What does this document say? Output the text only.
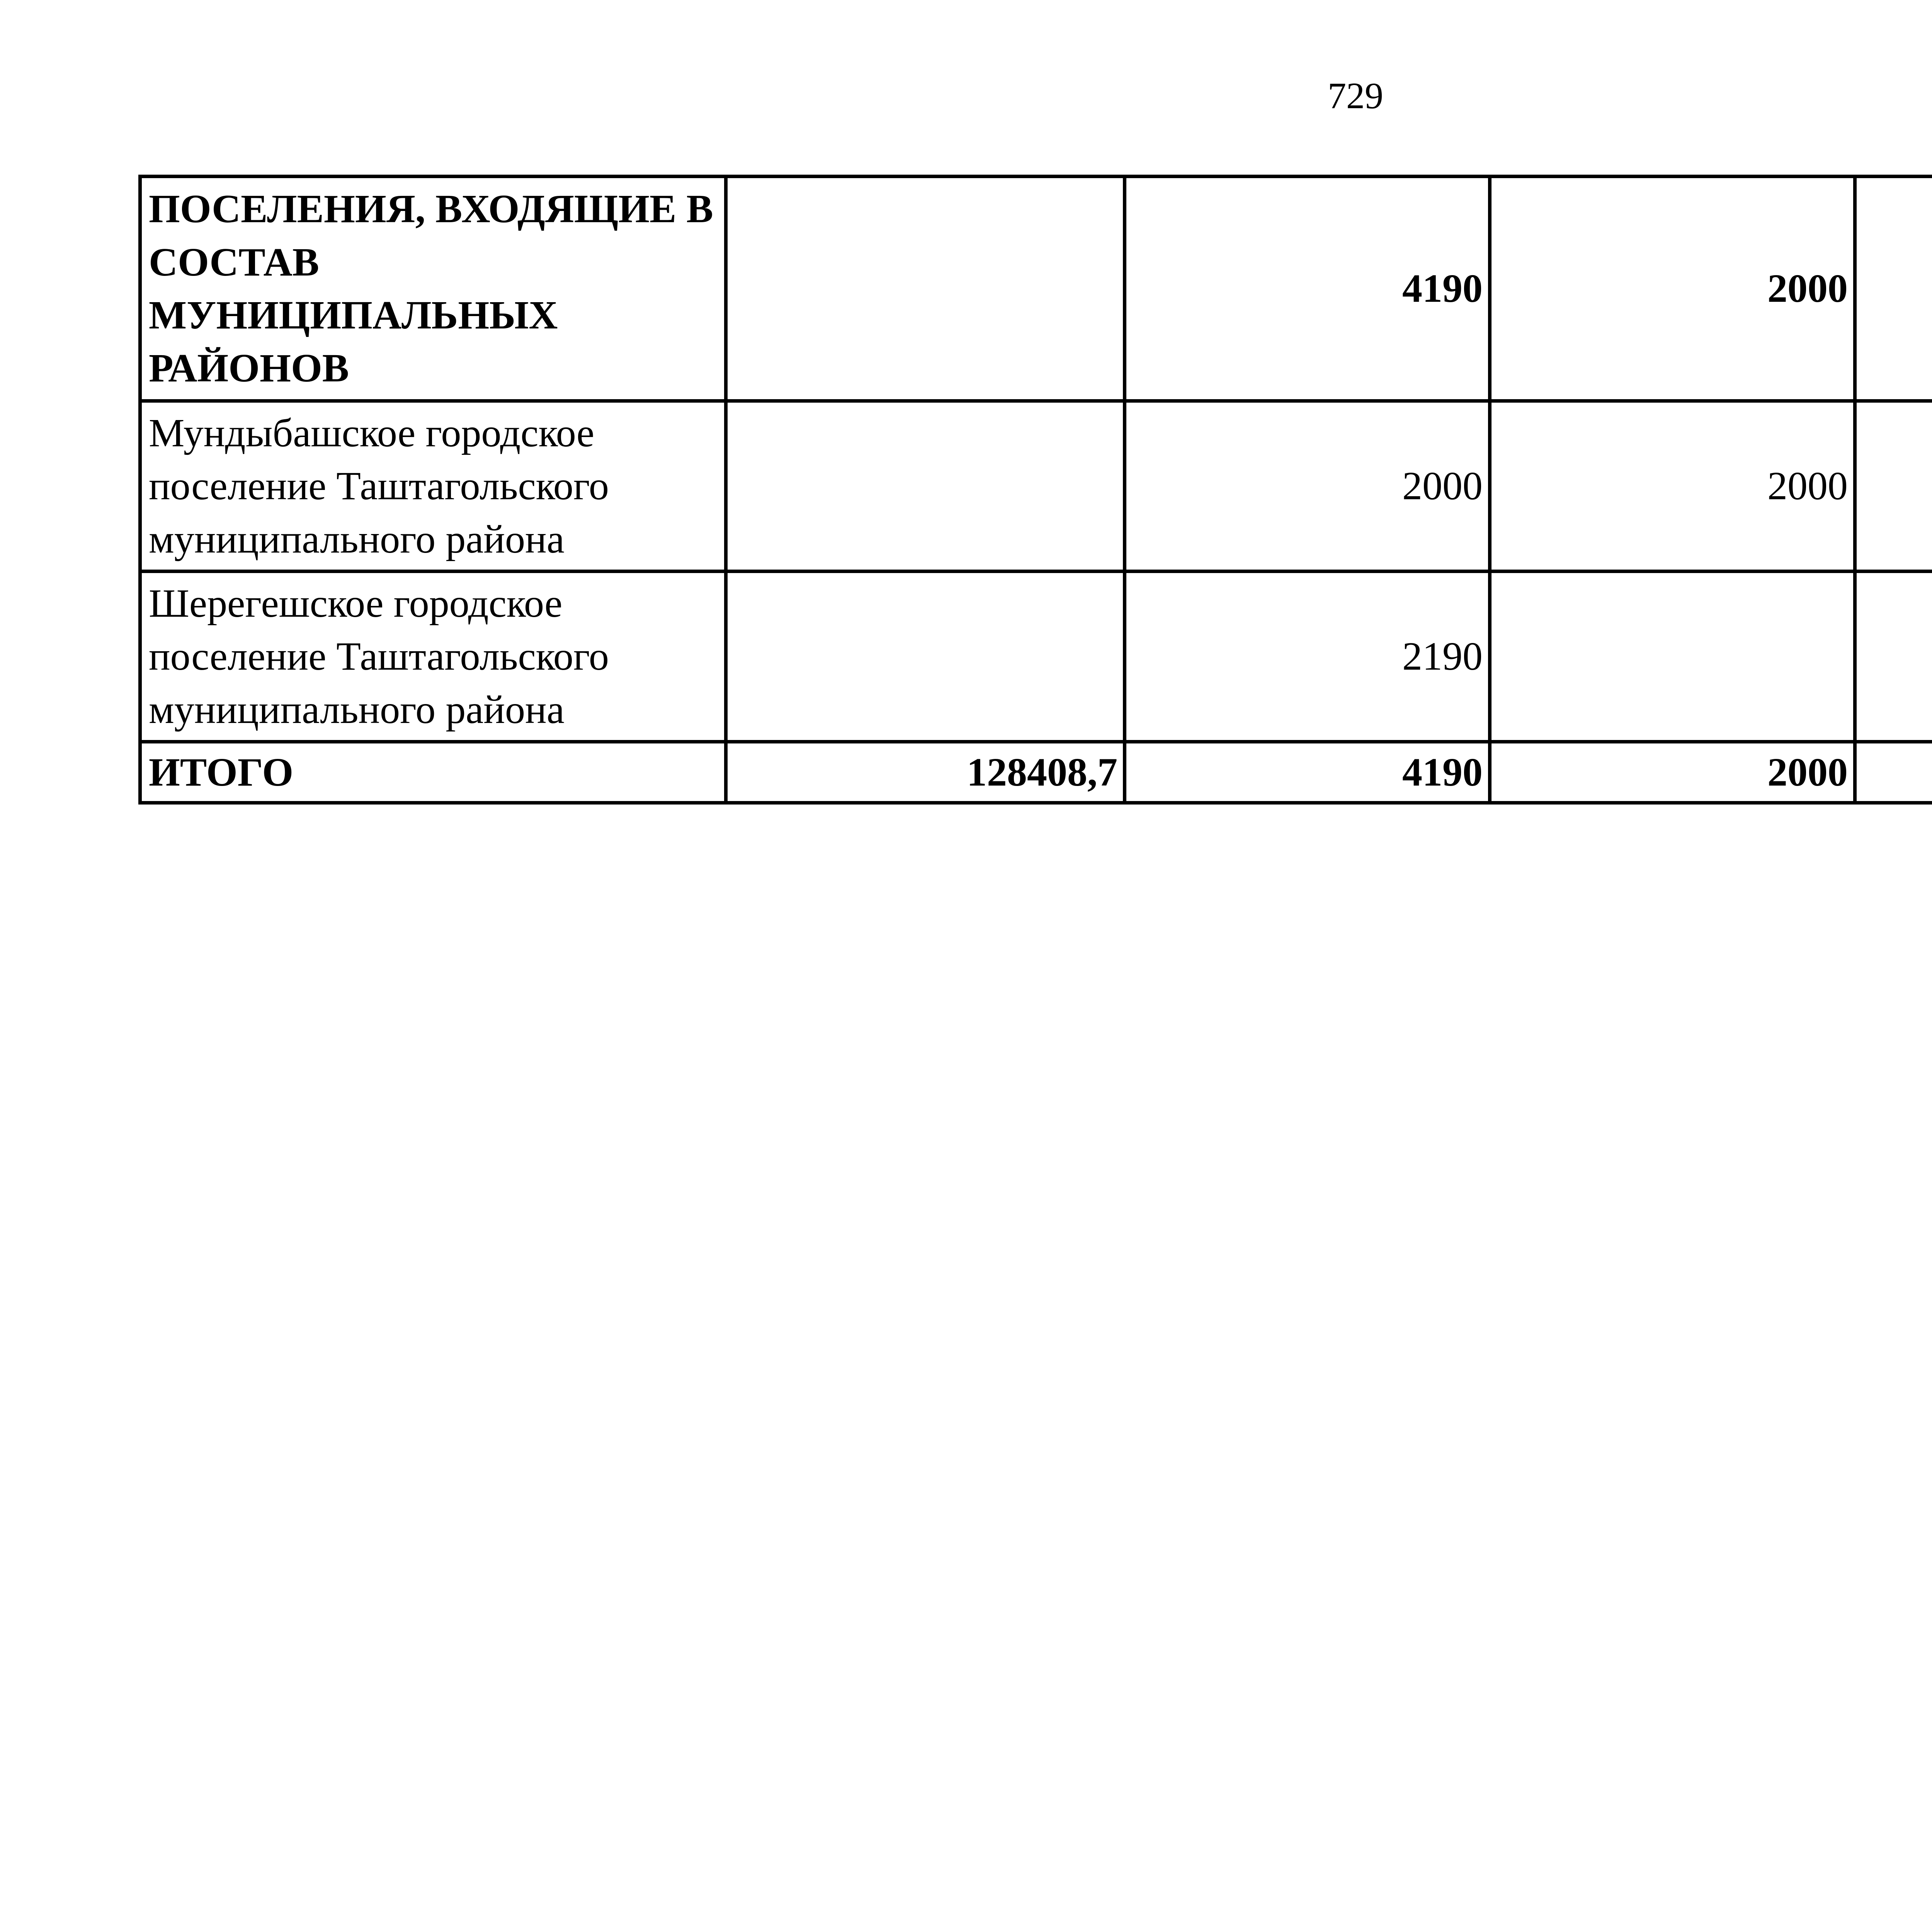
729
ПОСЕЛЕНИЯ, ВХОДЯЩИЕ В СОСТАВ МУНИЦИПАЛЬНЫХ РАЙОНОВ		4190	2000		
Мундыбашское городское поселение Таштагольского муниципального района		2000	2000		
Шерегешское городское поселение Таштагольского муниципального района		2190			
ИТОГО	128408,7	4190	2000		
